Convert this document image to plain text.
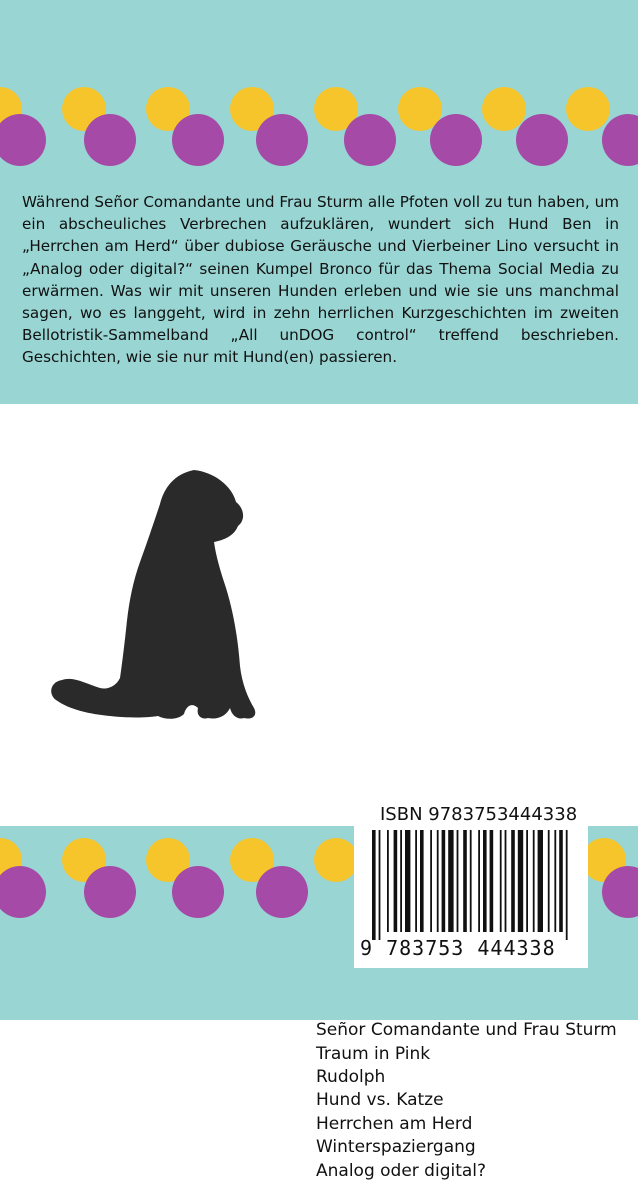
Während Señor Comandante und Frau Sturm alle Pfoten voll zu tun haben, um ein abscheuliches Verbrechen aufzuklären, wundert sich Hund Ben in „Herrchen am Herd“ über dubiose Geräusche und Vierbeiner Lino versucht in „Analog oder digital?“ seinen Kumpel Bronco für das Thema Social Media zu erwärmen. Was wir mit unseren Hunden erleben und wie sie uns manchmal sagen, wo es langgeht, wird in zehn herrlichen Kurzgeschichten im zweiten Bellotristik-Sammelband „All unDOG control“ treffend beschrieben. Geschichten, wie sie nur mit Hund(en) passieren.

Señor Comandante und Frau Sturm
Traum in Pink
Rudolph
Hund vs. Katze
Herrchen am Herd
Winterspaziergang
Analog oder digital?
ISBN 9783753444338
9 783753 444338
